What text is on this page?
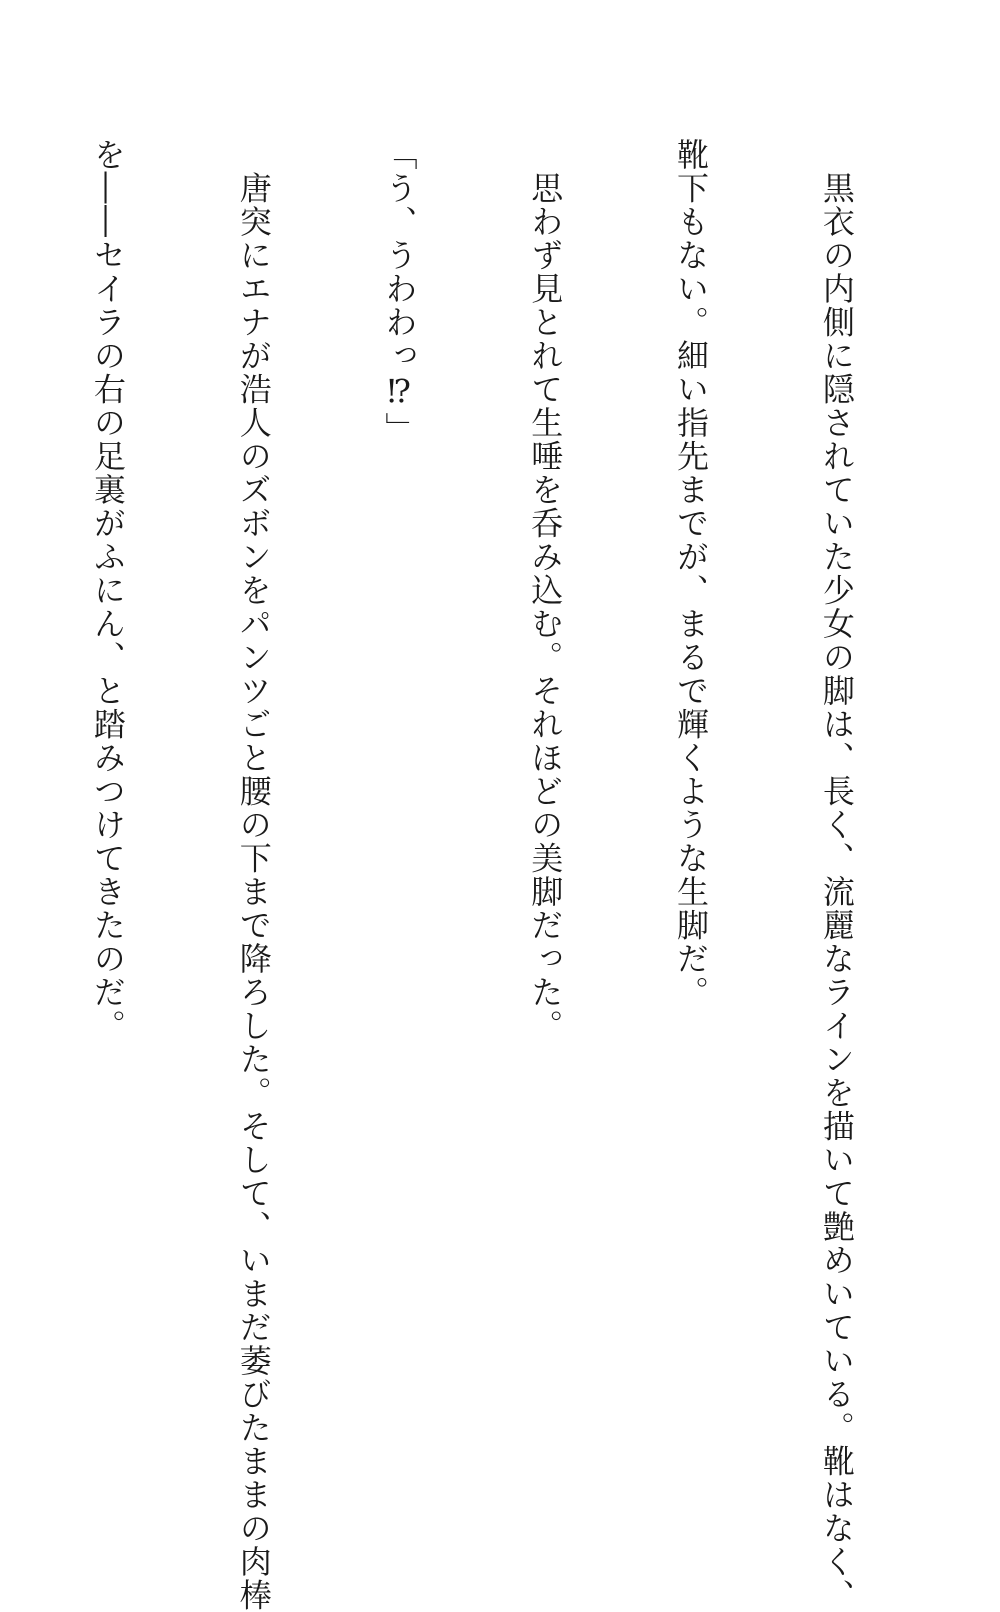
　黒衣の内側に隠されていた少女の脚は、長く、流麗なラインを描いて艶めいている。靴はなく、

靴下もない。細い指先までが、まるで輝くような生脚だ。

　思わず見とれて生唾を呑み込む。それほどの美脚だった。

「う、うわわっ⁉」

　唐突にエナが浩人のズボンをパンツごと腰の下まで降ろした。そして、いまだ萎びたままの肉棒

を――セイラの右の足裏がふにん、と踏みつけてきたのだ。
